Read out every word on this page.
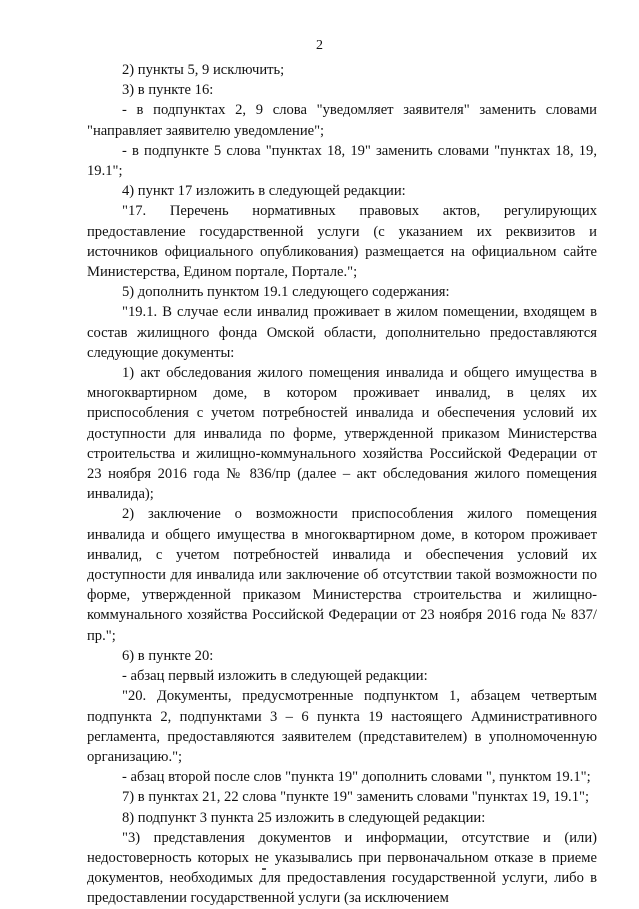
2

2) пункты 5, 9 исключить;

3) в пункте 16:

- в подпунктах 2, 9 слова "уведомляет заявителя" заменить словами "направляет заявителю уведомление";

- в подпункте 5 слова "пунктах 18, 19" заменить словами "пунктах 18, 19, 19.1";

4) пункт 17 изложить в следующей редакции:

"17. Перечень нормативных правовых актов, регулирующих предоставление государственной услуги (с указанием их реквизитов и источников официального опубликования) размещается на официальном сайте Министерства, Едином портале, Портале.";

5) дополнить пунктом 19.1 следующего содержания:

"19.1. В случае если инвалид проживает в жилом помещении, входящем в состав жилищного фонда Омской области, дополнительно предоставляются следующие документы:

1) акт обследования жилого помещения инвалида и общего имущества в многоквартирном доме, в котором проживает инвалид, в целях их приспособления с учетом потребностей инвалида и обеспечения условий их доступности для инвалида по форме, утвержденной приказом Министерства строительства и жилищно-коммунального хозяйства Российской Федерации от 23 ноября 2016 года № 836/пр (далее – акт обследования жилого помещения инвалида);

2) заключение о возможности приспособления жилого помещения инвалида и общего имущества в многоквартирном доме, в котором проживает инвалид, с учетом потребностей инвалида и обеспечения условий их доступности для инвалида или заключение об отсутствии такой возможности по форме, утвержденной приказом Министерства строительства и жилищно-коммунального хозяйства Российской Федерации от 23 ноября 2016 года № 837/пр.";

6) в пункте 20:

- абзац первый изложить в следующей редакции:

"20. Документы, предусмотренные подпунктом 1, абзацем четвертым подпункта 2, подпунктами 3 – 6 пункта 19 настоящего Административного регламента, предоставляются заявителем (представителем) в уполномоченную организацию.";

- абзац второй после слов "пункта 19" дополнить словами ", пунктом 19.1";

7) в пунктах 21, 22 слова "пункте 19" заменить словами "пунктах 19, 19.1";

8) подпункт 3 пункта 25 изложить в следующей редакции:

"3) представления документов и информации, отсутствие и (или) недостоверность которых не указывались при первоначальном отказе в приеме документов, необходимых для предоставления государственной услуги, либо в предоставлении государственной услуги (за исключением
